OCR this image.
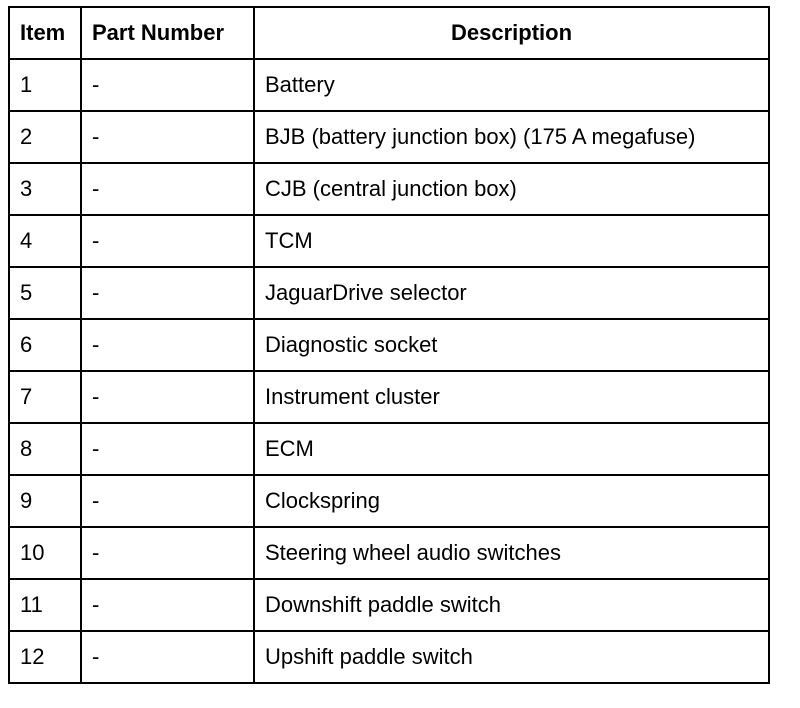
Item	Part Number	Description
1	-	Battery
2	-	BJB (battery junction box) (175 A megafuse)
3	-	CJB (central junction box)
4	-	TCM
5	-	JaguarDrive selector
6	-	Diagnostic socket
7	-	Instrument cluster
8	-	ECM
9	-	Clockspring
10	-	Steering wheel audio switches
11	-	Downshift paddle switch
12	-	Upshift paddle switch
